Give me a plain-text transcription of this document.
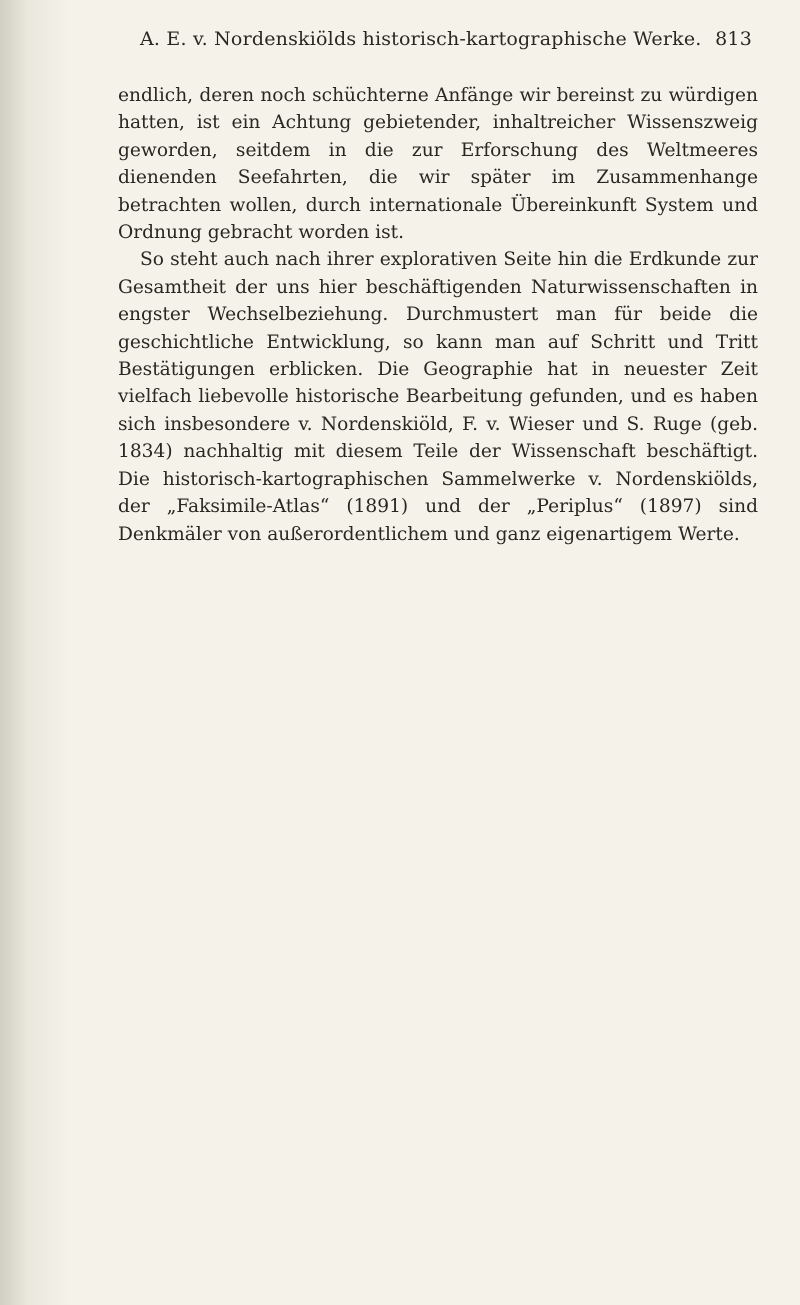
A. E. v. Nordenskiölds historisch-kartographische Werke. 813

endlich, deren noch schüchterne Anfänge wir bereinst zu würdigen hatten, ist ein Achtung gebietender, inhaltreicher Wissenszweig geworden, seitdem in die zur Erforschung des Weltmeeres dienenden Seefahrten, die wir später im Zusammenhange betrachten wollen, durch internationale Übereinkunft System und Ordnung gebracht worden ist.

So steht auch nach ihrer explorativen Seite hin die Erdkunde zur Gesamtheit der uns hier beschäftigenden Naturwissenschaften in engster Wechselbeziehung. Durchmustert man für beide die geschichtliche Entwicklung, so kann man auf Schritt und Tritt Bestätigungen erblicken. Die Geographie hat in neuester Zeit vielfach liebevolle historische Bearbeitung gefunden, und es haben sich insbesondere v. Nordenskiöld, F. v. Wieser und S. Ruge (geb. 1834) nachhaltig mit diesem Teile der Wissenschaft beschäftigt. Die historisch-kartographischen Sammelwerke v. Nordenskiölds, der „Faksimile-Atlas“ (1891) und der „Periplus“ (1897) sind Denkmäler von außerordentlichem und ganz eigenartigem Werte.
